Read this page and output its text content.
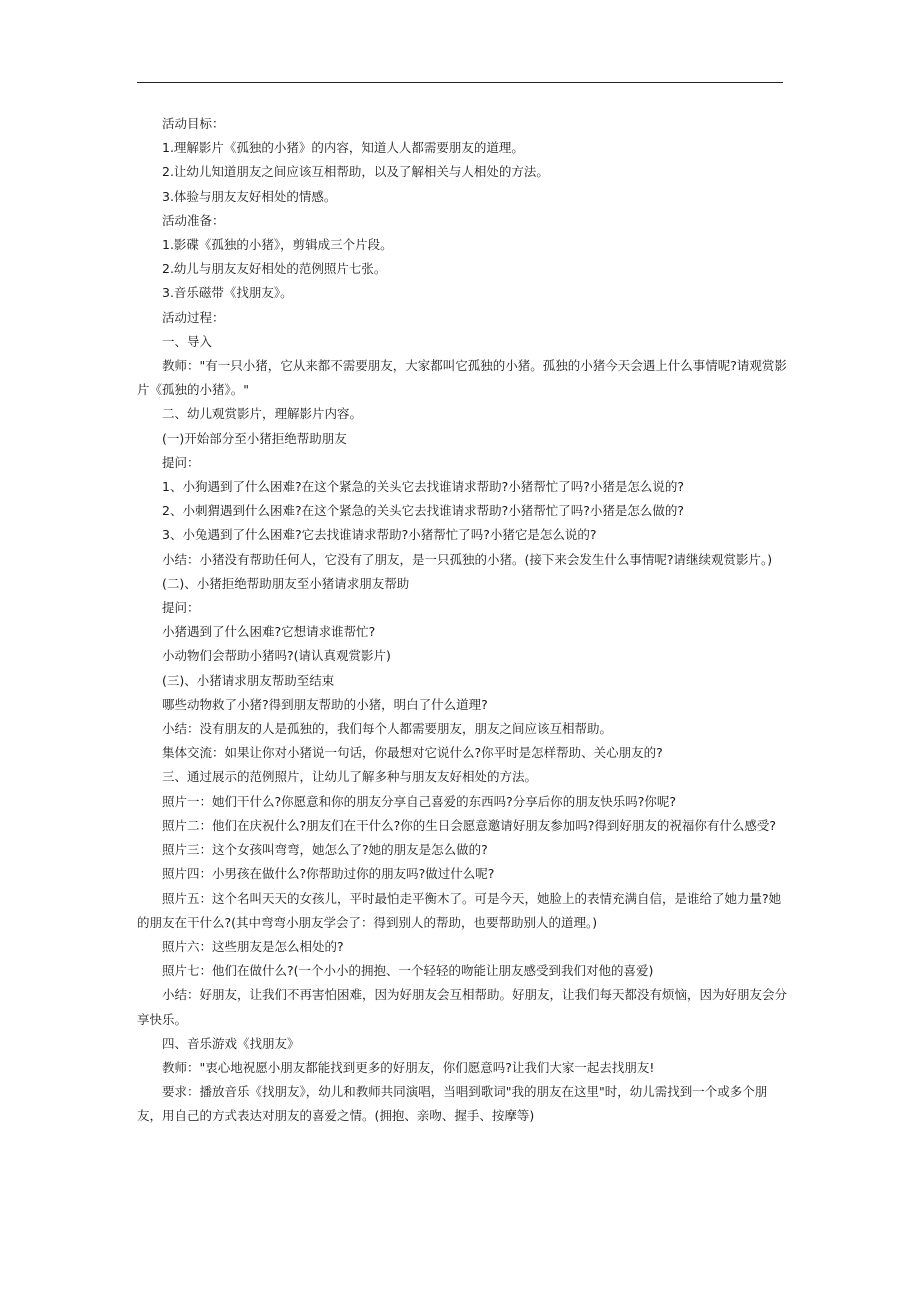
活动目标：

1.理解影片《孤独的小猪》的内容，知道人人都需要朋友的道理。

2.让幼儿知道朋友之间应该互相帮助，以及了解相关与人相处的方法。

3.体验与朋友友好相处的情感。

活动准备：

1.影碟《孤独的小猪》，剪辑成三个片段。

2.幼儿与朋友友好相处的范例照片七张。

3.音乐磁带《找朋友》。

活动过程：

一、导入

教师："有一只小猪，它从来都不需要朋友，大家都叫它孤独的小猪。孤独的小猪今天会遇上什么事情呢?请观赏影片《孤独的小猪》。"

二、幼儿观赏影片，理解影片内容。

(一)开始部分至小猪拒绝帮助朋友

提问：

1、小狗遇到了什么困难?在这个紧急的关头它去找谁请求帮助?小猪帮忙了吗?小猪是怎么说的?

2、小刺猬遇到什么困难?在这个紧急的关头它去找谁请求帮助?小猪帮忙了吗?小猪是怎么做的?

3、小兔遇到了什么困难?它去找谁请求帮助?小猪帮忙了吗?小猪它是怎么说的?

小结：小猪没有帮助任何人，它没有了朋友，是一只孤独的小猪。(接下来会发生什么事情呢?请继续观赏影片。)

(二)、小猪拒绝帮助朋友至小猪请求朋友帮助

提问：

小猪遇到了什么困难?它想请求谁帮忙?

小动物们会帮助小猪吗?(请认真观赏影片)

(三)、小猪请求朋友帮助至结束

哪些动物救了小猪?得到朋友帮助的小猪，明白了什么道理?

小结：没有朋友的人是孤独的，我们每个人都需要朋友，朋友之间应该互相帮助。

集体交流：如果让你对小猪说一句话，你最想对它说什么?你平时是怎样帮助、关心朋友的?

三、通过展示的范例照片，让幼儿了解多种与朋友友好相处的方法。

照片一：她们干什么?你愿意和你的朋友分享自己喜爱的东西吗?分享后你的朋友快乐吗?你呢?

照片二：他们在庆祝什么?朋友们在干什么?你的生日会愿意邀请好朋友参加吗?得到好朋友的祝福你有什么感受?

照片三：这个女孩叫弯弯，她怎么了?她的朋友是怎么做的?

照片四：小男孩在做什么?你帮助过你的朋友吗?做过什么呢?

照片五：这个名叫天天的女孩儿，平时最怕走平衡木了。可是今天，她脸上的表情充满自信，是谁给了她力量?她的朋友在干什么?(其中弯弯小朋友学会了：得到别人的帮助，也要帮助别人的道理。)

照片六：这些朋友是怎么相处的?

照片七：他们在做什么?(一个小小的拥抱、一个轻轻的吻能让朋友感受到我们对他的喜爱)

小结：好朋友，让我们不再害怕困难，因为好朋友会互相帮助。好朋友，让我们每天都没有烦恼，因为好朋友会分享快乐。

四、音乐游戏《找朋友》

教师："衷心地祝愿小朋友都能找到更多的好朋友，你们愿意吗?让我们大家一起去找朋友!

要求：播放音乐《找朋友》，幼儿和教师共同演唱，当唱到歌词"我的朋友在这里"时，幼儿需找到一个或多个朋友，用自己的方式表达对朋友的喜爱之情。(拥抱、亲吻、握手、按摩等)
